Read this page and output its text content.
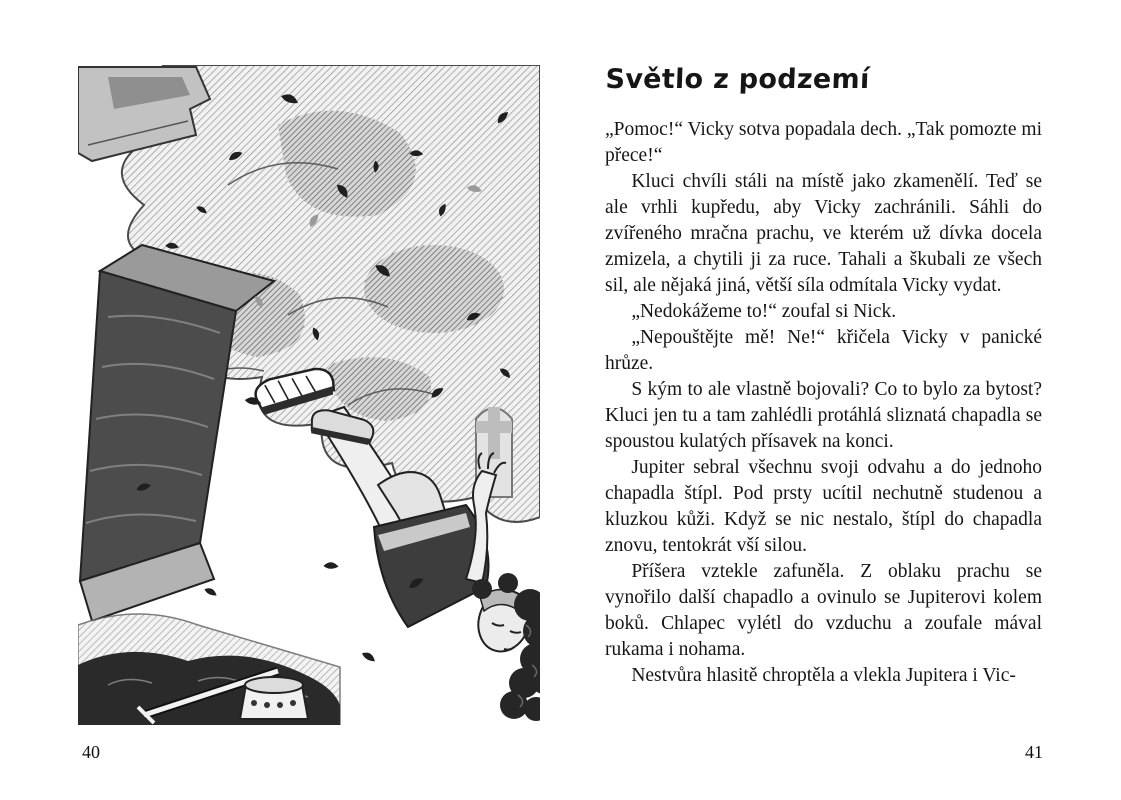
40
Světlo z podzemí

„Pomoc!“ Vicky sotva popadala dech. „Tak pomozte mi přece!“

Kluci chvíli stáli na místě jako zkamenělí. Teď se ale vrhli kupředu, aby Vicky zachránili. Sáhli do zvířeného mračna prachu, ve kterém už dívka docela zmizela, a chytili ji za ruce. Tahali a škubali ze všech sil, ale nějaká jiná, větší síla odmítala Vicky vydat.

„Nedokážeme to!“ zoufal si Nick.

„Nepouštějte mě! Ne!“ křičela Vicky v panické hrůze.

S kým to ale vlastně bojovali? Co to bylo za bytost? Kluci jen tu a tam zahlédli protáhlá sliznatá chapadla se spoustou kulatých přísavek na konci.

Jupiter sebral všechnu svoji odvahu a do jednoho chapadla štípl. Pod prsty ucítil nechutně studenou a kluzkou kůži. Když se nic nestalo, štípl do chapadla znovu, tentokrát vší silou.

Příšera vztekle zafuněla. Z oblaku prachu se vynořilo další chapadlo a ovinulo se Jupiterovi kolem boků. Chlapec vylétl do vzduchu a zoufale mával rukama i nohama.

Nestvůra hlasitě chroptěla a vlekla Jupitera i Vic-

41
